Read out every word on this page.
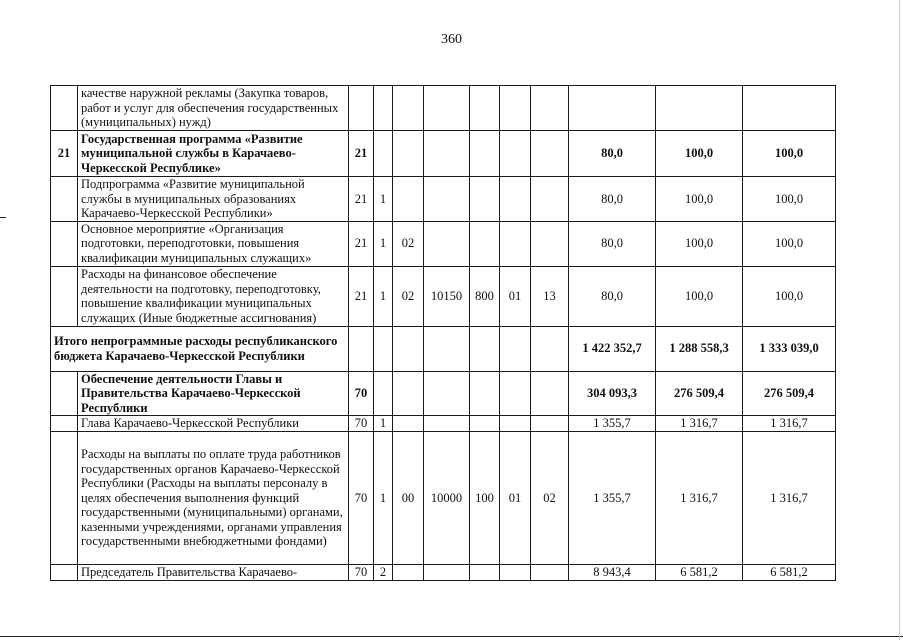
360
	качестве наружной рекламы (Закупка товаров, работ и услуг для обеспечения государственных (муниципальных) нужд)										
21	Государственная программа «Развитие муниципальной службы в Карачаево-Черкесской Республике»	21							80,0	100,0	100,0
	Подпрограмма «Развитие муниципальной службы в муниципальных образованиях Карачаево-Черкесской Республики»	21	1						80,0	100,0	100,0
	Основное мероприятие «Организация подготовки, переподготовки, повышения квалификации муниципальных служащих»	21	1	02					80,0	100,0	100,0
	Расходы на финансовое обеспечение деятельности на подготовку, переподготовку, повышение квалификации муниципальных служащих (Иные бюджетные ассигнования)	21	1	02	10150	800	01	13	80,0	100,0	100,0
Итого непрограммные расходы республиканского бюджета Карачаево-Черкесской Республики									1 422 352,7	1 288 558,3	1 333 039,0
	Обеспечение деятельности Главы и Правительства Карачаево-Черкесской Республики	70							304 093,3	276 509,4	276 509,4
	Глава Карачаево-Черкесской Республики	70	1						1 355,7	1 316,7	1 316,7
	Расходы на выплаты по оплате труда работников государственных органов Карачаево-Черкесской Республики (Расходы на выплаты персоналу в целях обеспечения выполнения функций государственными (муниципальными) органами, казенными учреждениями, органами управления государственными внебюджетными фондами)	70	1	00	10000	100	01	02	1 355,7	1 316,7	1 316,7
	Председатель Правительства Карачаево-	70	2						8 943,4	6 581,2	6 581,2
